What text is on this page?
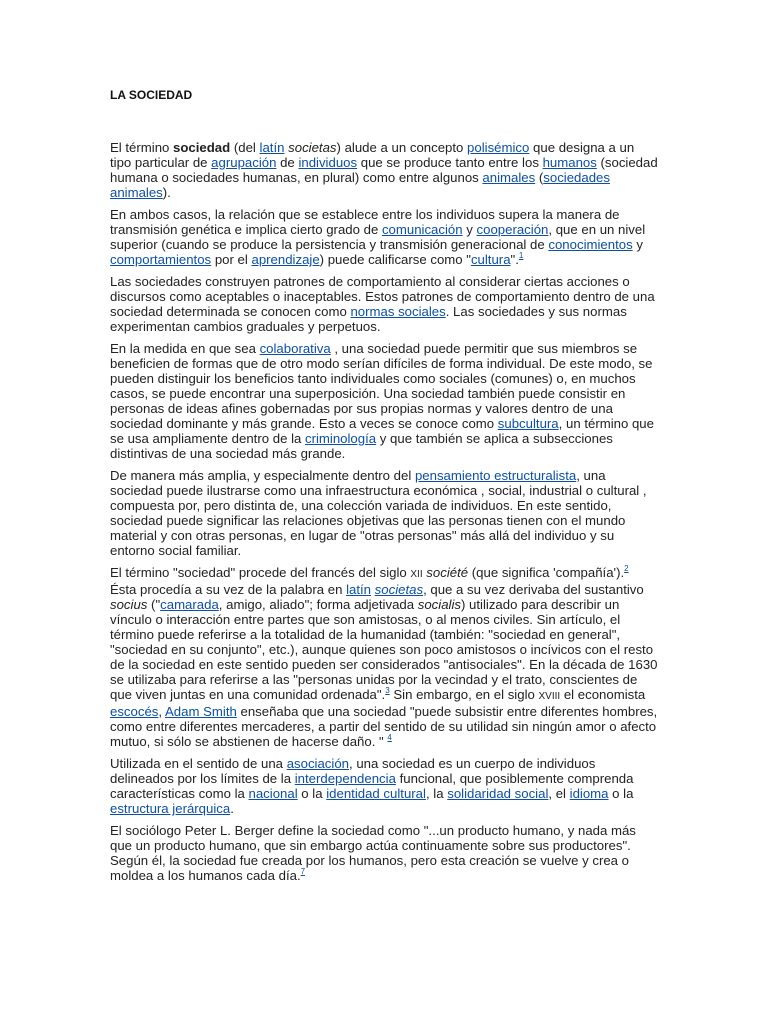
LA SOCIEDAD

El término sociedad (del latín societas) alude a un concepto polisémico que designa a un tipo particular de agrupación de individuos que se produce tanto entre los humanos (sociedad humana o sociedades humanas, en plural) como entre algunos animales (sociedades animales).

En ambos casos, la relación que se establece entre los individuos supera la manera de transmisión genética e implica cierto grado de comunicación y cooperación, que en un nivel superior (cuando se produce la persistencia y transmisión generacional de conocimientos y comportamientos por el aprendizaje) puede calificarse como "cultura".$^1$

Las sociedades construyen patrones de comportamiento al considerar ciertas acciones o discursos como aceptables o inaceptables. Estos patrones de comportamiento dentro de una sociedad determinada se conocen como normas sociales. Las sociedades y sus normas experimentan cambios graduales y perpetuos.

En la medida en que sea colaborativa , una sociedad puede permitir que sus miembros se beneficien de formas que de otro modo serían difíciles de forma individual. De este modo, se pueden distinguir los beneficios tanto individuales como sociales (comunes) o, en muchos casos, se puede encontrar una superposición. Una sociedad también puede consistir en personas de ideas afines gobernadas por sus propias normas y valores dentro de una sociedad dominante y más grande. Esto a veces se conoce como subcultura, un término que se usa ampliamente dentro de la criminología y que también se aplica a subsecciones distintivas de una sociedad más grande.

De manera más amplia, y especialmente dentro del pensamiento estructuralista, una sociedad puede ilustrarse como una infraestructura económica , social, industrial o cultural , compuesta por, pero distinta de, una colección variada de individuos. En este sentido, sociedad puede significar las relaciones objetivas que las personas tienen con el mundo material y con otras personas, en lugar de "otras personas" más allá del individuo y su entorno social familiar.

El término "sociedad" procede del francés del siglo XII société (que significa 'compañía').$^2$ Ésta procedía a su vez de la palabra en latín societas, que a su vez derivaba del sustantivo socius ("camarada, amigo, aliado"; forma adjetivada socialis) utilizado para describir un vínculo o interacción entre partes que son amistosas, o al menos civiles. Sin artículo, el término puede referirse a la totalidad de la humanidad (también: "sociedad en general", "sociedad en su conjunto", etc.), aunque quienes son poco amistosos o incívicos con el resto de la sociedad en este sentido pueden ser considerados "antisociales". En la década de 1630 se utilizaba para referirse a las "personas unidas por la vecindad y el trato, conscientes de que viven juntas en una comunidad ordenada".$^3$ Sin embargo, en el siglo XVIII el economista escocés, Adam Smith enseñaba que una sociedad "puede subsistir entre diferentes hombres, como entre diferentes mercaderes, a partir del sentido de su utilidad sin ningún amor o afecto mutuo, si sólo se abstienen de hacerse daño. " $^4$

Utilizada en el sentido de una asociación, una sociedad es un cuerpo de individuos delineados por los límites de la interdependencia funcional, que posiblemente comprenda características como la nacional o la identidad cultural, la solidaridad social, el idioma o la estructura jerárquica.

El sociólogo Peter L. Berger define la sociedad como "...un producto humano, y nada más que un producto humano, que sin embargo actúa continuamente sobre sus productores". Según él, la sociedad fue creada por los humanos, pero esta creación se vuelve y crea o moldea a los humanos cada día.$^7$
